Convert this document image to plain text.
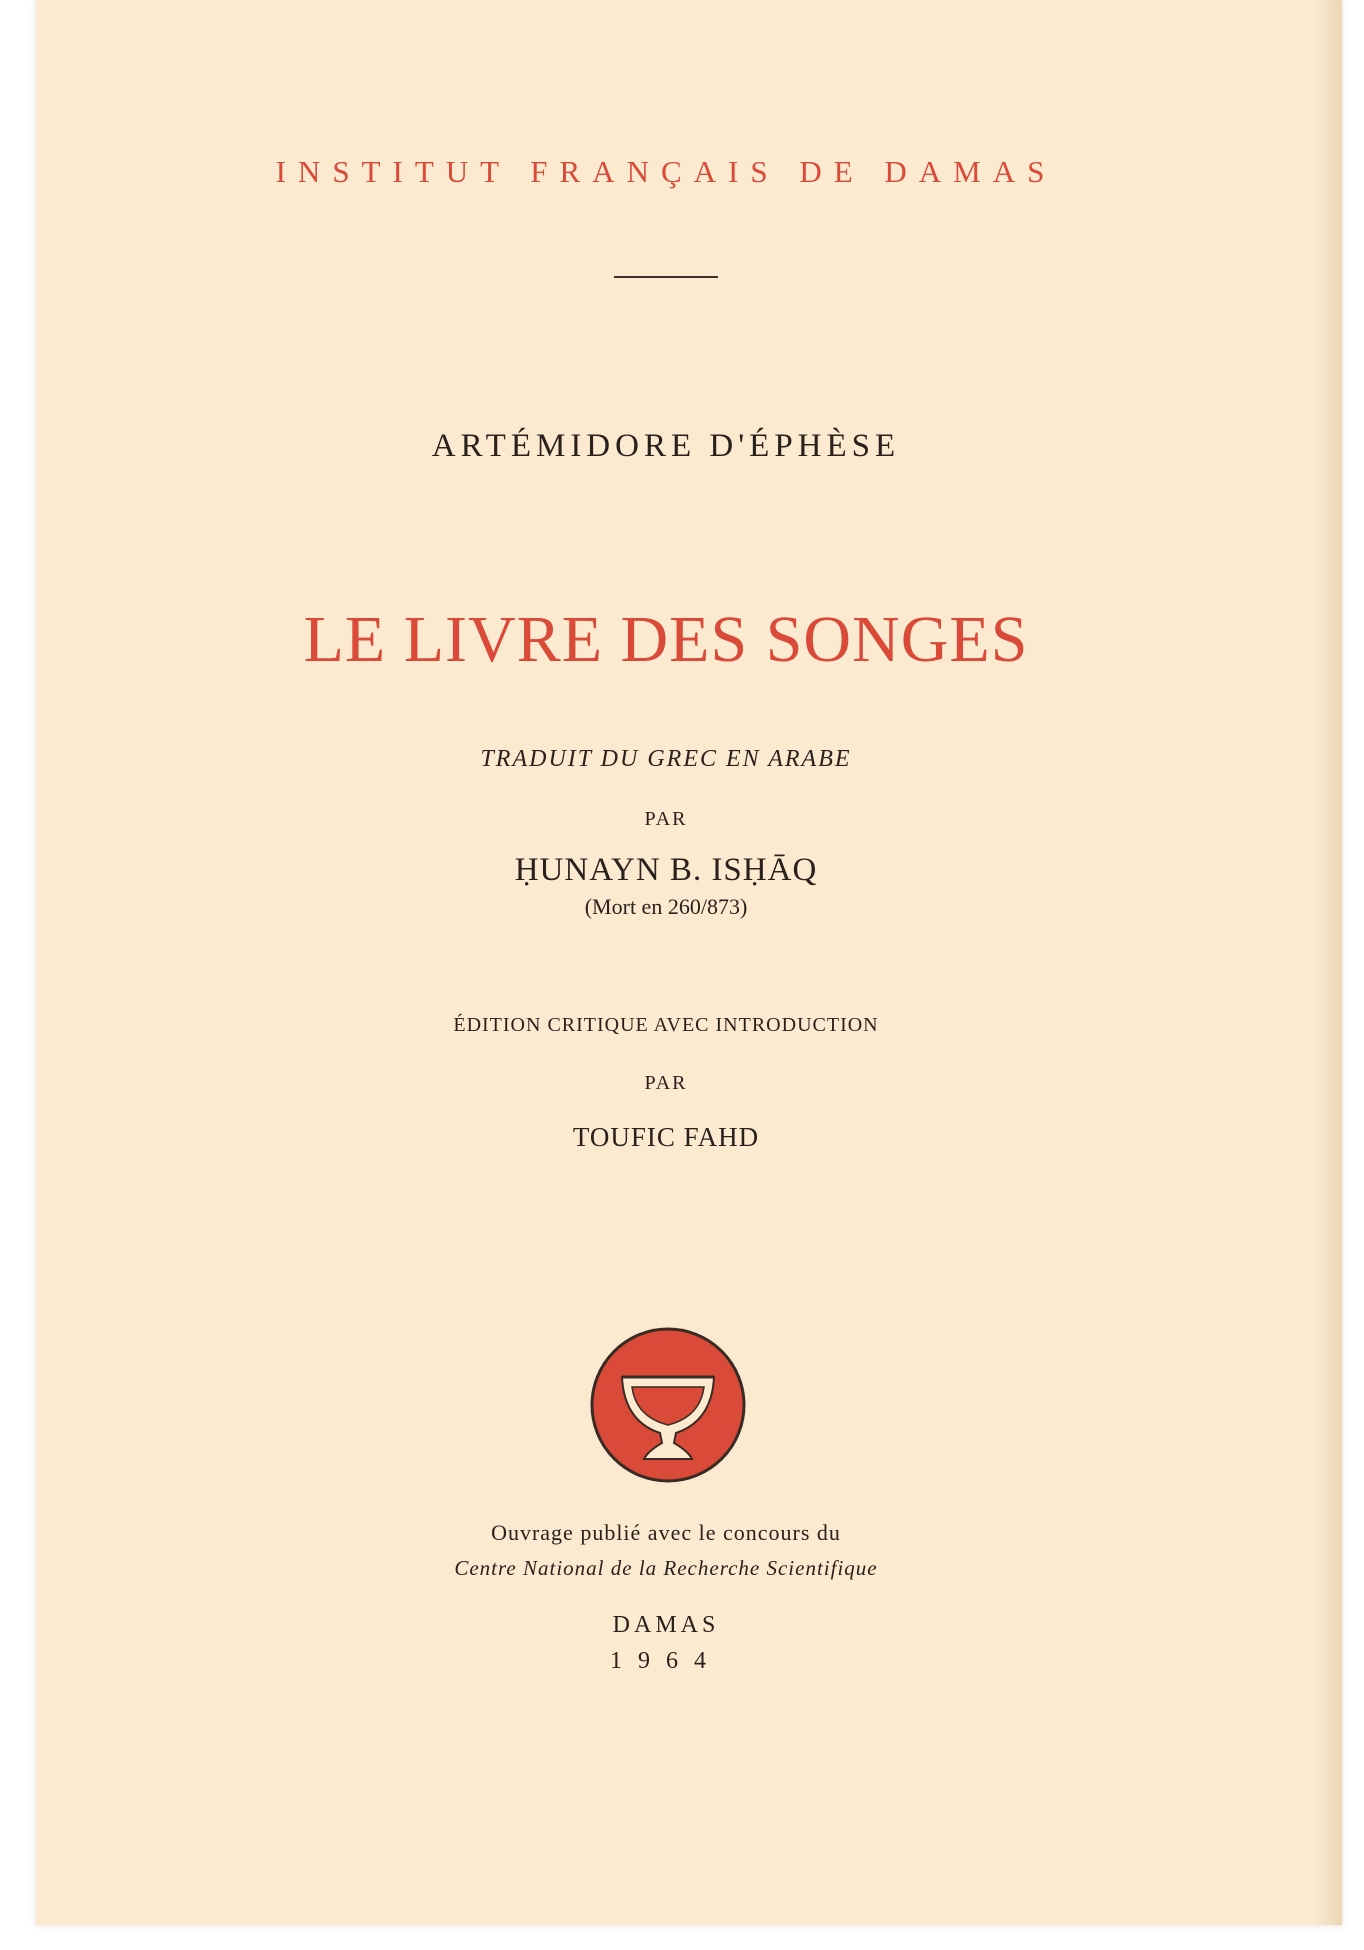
INSTITUT FRANÇAIS DE DAMAS
ARTÉMIDORE D'ÉPHÈSE
LE LIVRE DES SONGES
TRADUIT DU GREC EN ARABE
PAR
ḤUNAYN B. ISḤĀQ
(Mort en 260/873)
ÉDITION CRITIQUE AVEC INTRODUCTION
PAR
TOUFIC FAHD
Ouvrage publié avec le concours du
Centre National de la Recherche Scientifique
DAMAS
1964
